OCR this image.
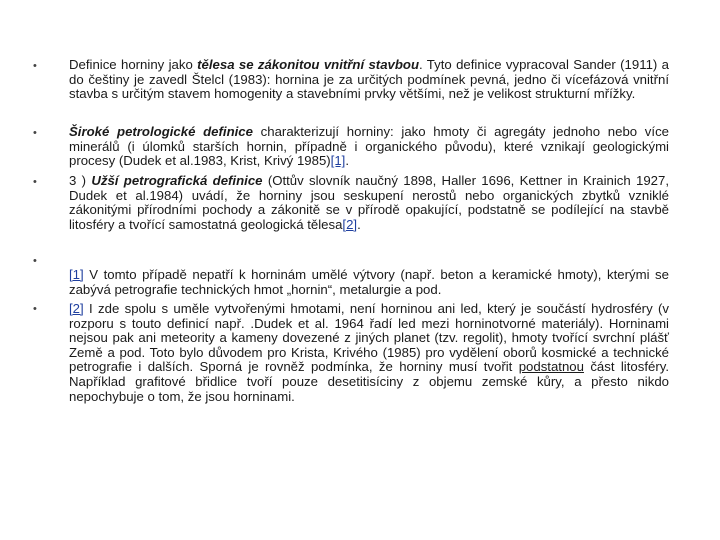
•
•
•
•
•

Definice horniny jako tělesa se zákonitou vnitřní stavbou. Tyto definice vypracoval Sander (1911) a do češtiny je zavedl Štelcl (1983): hornina je za určitých podmínek pevná, jedno či vícefázová vnitřní stavba s určitým stavem homogenity a stavebními prvky většími, než je velikost strukturní mřížky.

Široké petrologické definice charakterizují horniny: jako hmoty či agregáty jednoho nebo více minerálů (i úlomků starších hornin, případně i organického původu), které vznikají geologickými procesy (Dudek et al.1983, Krist, Krivý 1985)[1].

3 ) Užší petrografická definice (Ottův slovník naučný 1898, Haller 1696, Kettner in Krainich 1927, Dudek et al.1984) uvádí, že horniny jsou seskupení nerostů nebo organických zbytků vzniklé zákonitými přírodními pochody a zákonitě se v přírodě opakující, podstatně se podílející na stavbě litosféry a tvořící samostatná geologická tělesa[2].

[1] V tomto případě nepatří k horninám umělé výtvory (např. beton a keramické hmoty), kterými se zabývá petrografie technických hmot „hornin“, metalurgie a pod.

[2] I zde spolu s uměle vytvořenými hmotami, není horninou ani led, který je součástí hydrosféry (v rozporu s touto definicí např. .Dudek et al. 1964 řadí led mezi horninotvorné materiály). Horninami nejsou pak ani meteority a kameny dovezené z jiných planet (tzv. regolit), hmoty tvořící svrchní plášť Země a pod. Toto bylo důvodem pro Krista, Krivého (1985) pro vydělení oborů kosmické a technické petrografie i dalších. Sporná je rovněž podmínka, že horniny musí tvořit podstatnou část litosféry. Například grafitové břidlice tvoří pouze desetitisíciny z objemu zemské kůry, a přesto nikdo nepochybuje o tom, že jsou horninami.
